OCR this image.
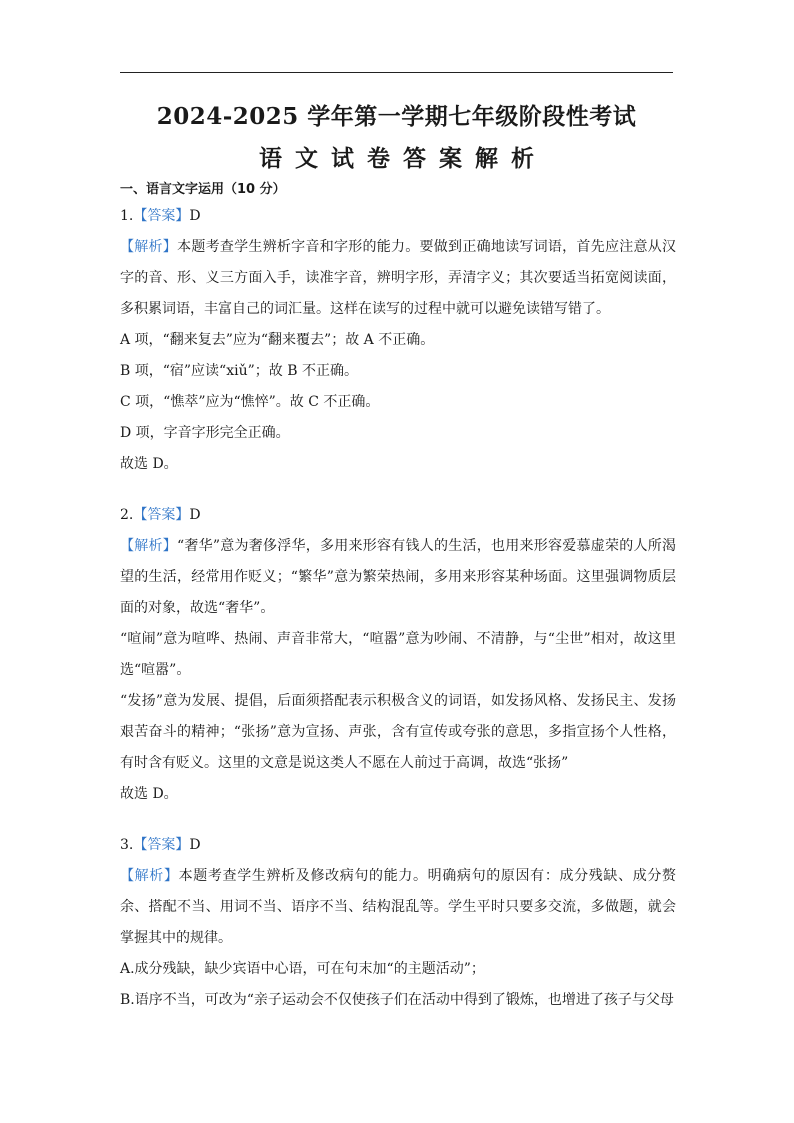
2024-2025 学年第一学期七年级阶段性考试
语文试卷答案解析

一、语言文字运用（10 分）

1.【答案】D

【解析】本题考查学生辨析字音和字形的能力。要做到正确地读写词语，首先应注意从汉字的音、形、义三方面入手，读准字音，辨明字形，弄清字义；其次要适当拓宽阅读面，多积累词语，丰富自己的词汇量。这样在读写的过程中就可以避免读错写错了。

A 项，“翻来复去”应为“翻来覆去”；故 A 不正确。

B 项，“宿”应读“xiǔ”；故 B 不正确。

C 项，“憔萃”应为“憔悴”。故 C 不正确。

D 项，字音字形完全正确。

故选 D。

2.【答案】D

【解析】“奢华”意为奢侈浮华，多用来形容有钱人的生活，也用来形容爱慕虚荣的人所渴望的生活，经常用作贬义；“繁华”意为繁荣热闹，多用来形容某种场面。这里强调物质层面的对象，故选“奢华”。

“喧闹”意为喧哗、热闹、声音非常大，“喧嚣”意为吵闹、不清静，与“尘世”相对，故这里选“喧嚣”。

“发扬”意为发展、提倡，后面须搭配表示积极含义的词语，如发扬风格、发扬民主、发扬艰苦奋斗的精神；“张扬”意为宣扬、声张，含有宣传或夸张的意思，多指宣扬个人性格，有时含有贬义。这里的文意是说这类人不愿在人前过于高调，故选“张扬”

故选 D。

3.【答案】D

【解析】本题考查学生辨析及修改病句的能力。明确病句的原因有：成分残缺、成分赘余、搭配不当、用词不当、语序不当、结构混乱等。学生平时只要多交流，多做题，就会掌握其中的规律。

A.成分残缺，缺少宾语中心语，可在句末加“的主题活动”；

B.语序不当，可改为“亲子运动会不仅使孩子们在活动中得到了锻炼，也增进了孩子与父母
